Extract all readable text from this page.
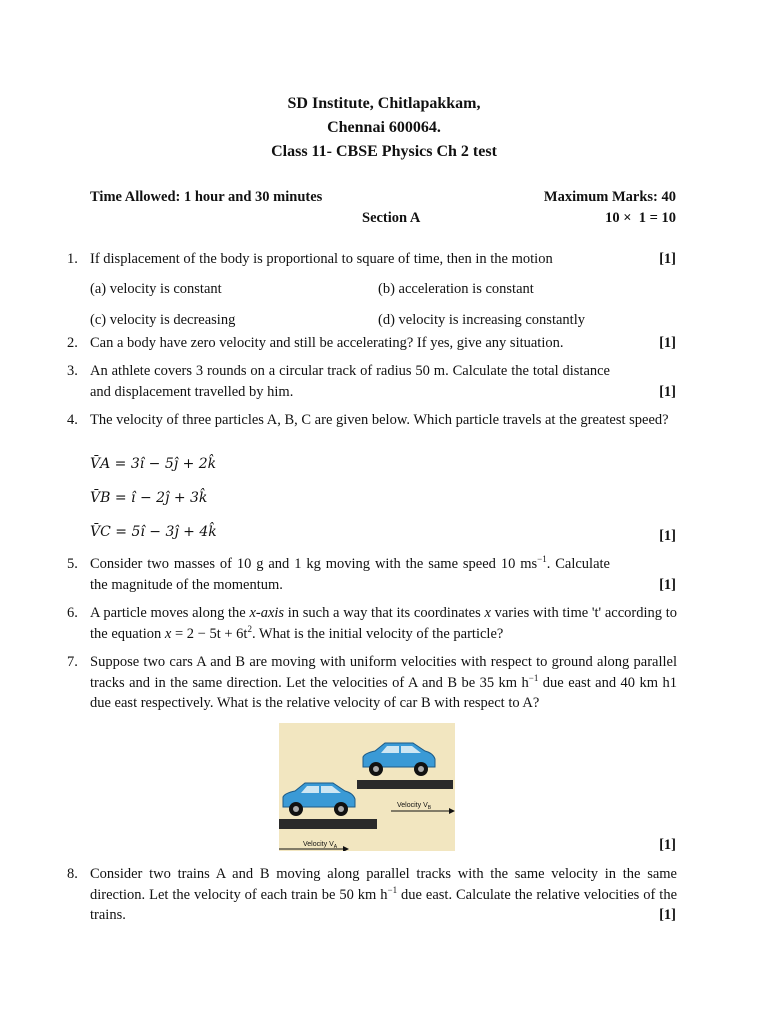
SD Institute, Chitlapakkam,
Chennai 600064.
Class 11- CBSE Physics Ch 2 test
Time Allowed: 1 hour and 30 minutes	Maximum Marks: 40
Section A	10 ×  1 = 10
1. If displacement of the body is proportional to square of time, then in the motion	[1]
(a) velocity is constant	(b) acceleration is constant
(c) velocity is decreasing	(d) velocity is increasing constantly
2. Can a body have zero velocity and still be accelerating? If yes, give any situation.	[1]
3. An athlete covers 3 rounds on a circular track of radius 50 m. Calculate the total distance and displacement travelled by him.	[1]
4. The velocity of three particles A, B, C are given below. Which particle travels at the greatest speed?
V̄A = 3î − 5ĵ + 2k̂
V̄B = î − 2ĵ + 3k̂
V̄C = 5î − 3ĵ + 4k̂	[1]
5. Consider two masses of 10 g and 1 kg moving with the same speed 10 $ms^{-1}$. Calculate the magnitude of the momentum.	[1]
6. A particle moves along the x-axis in such a way that its coordinates x varies with time 't' according to the equation $x = 2 - 5t + 6t^2$. What is the initial velocity of the particle?
7. Suppose two cars A and B are moving with uniform velocities with respect to ground along parallel tracks and in the same direction. Let the velocities of A and B be 35 km $h^{-1}$ due east and 40 km h1 due east respectively. What is the relative velocity of car B with respect to A?
Velocity $V_B$
Velocity $V_A$	[1]
8. Consider two trains A and B moving along parallel tracks with the same velocity in the same direction. Let the velocity of each train be 50 km $h^{-1}$ due east. Calculate the relative velocities of the trains.	[1]
